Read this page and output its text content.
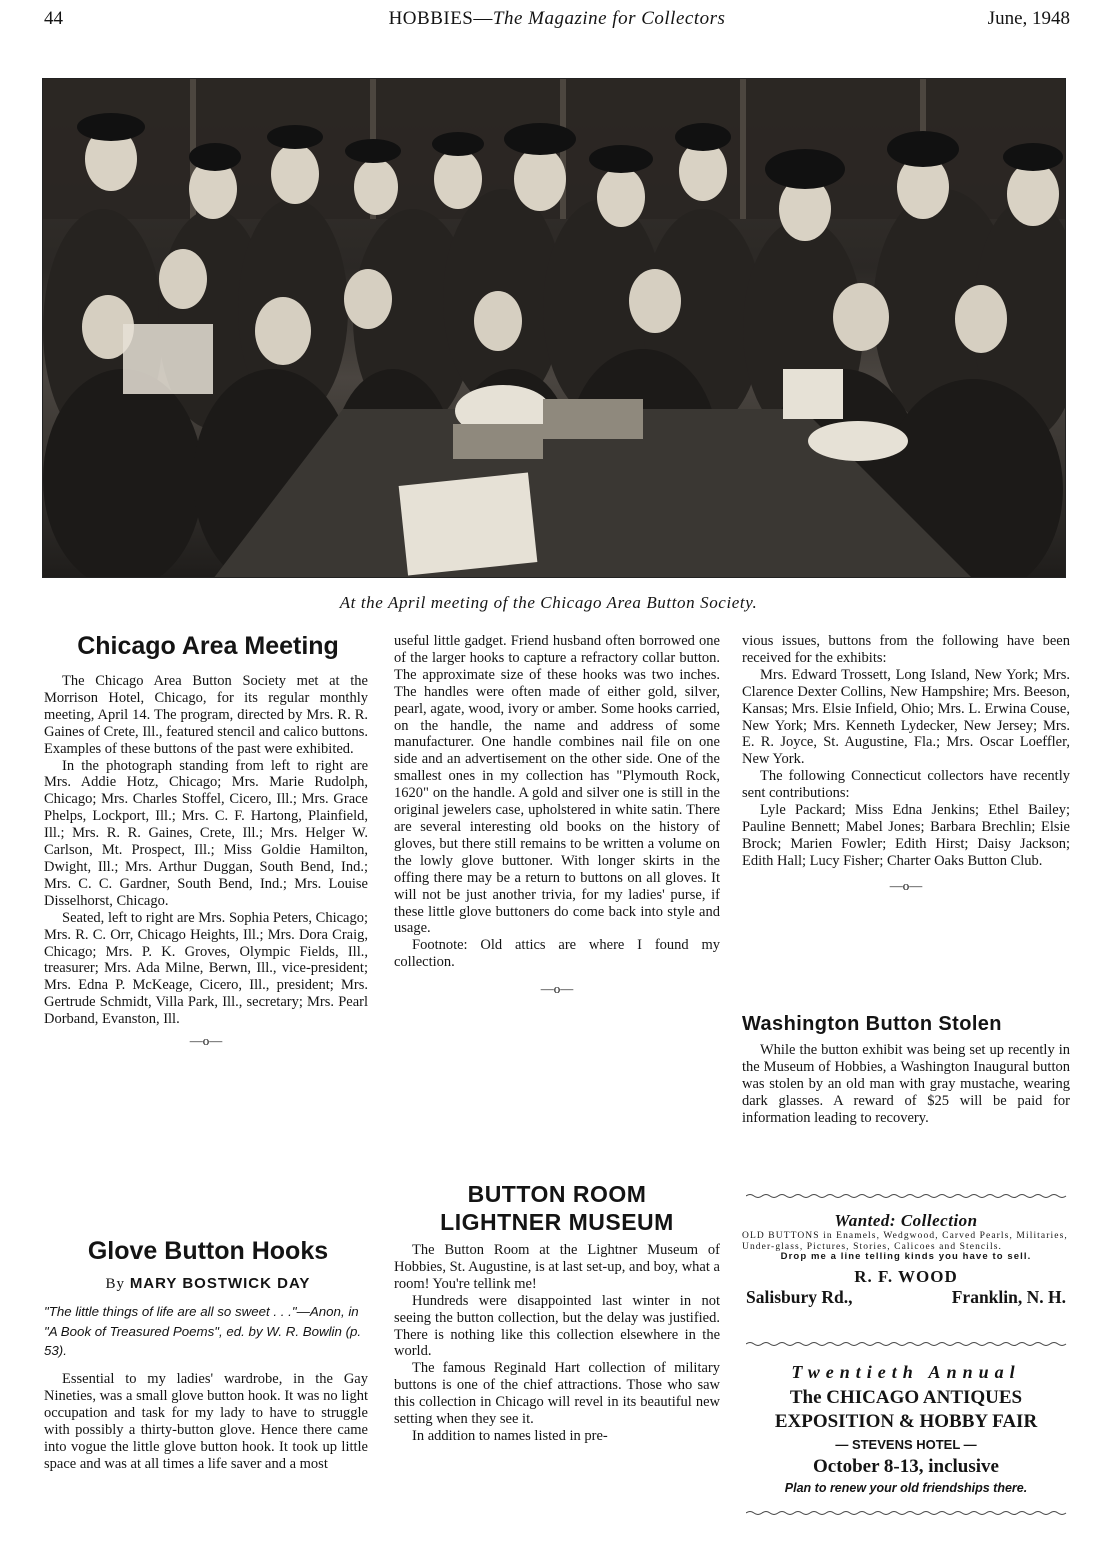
44	HOBBIES—The Magazine for Collectors	June, 1948
At the April meeting of the Chicago Area Button Society.
Chicago Area Meeting

The Chicago Area Button Society met at the Morrison Hotel, Chicago, for its regular monthly meeting, April 14. The program, directed by Mrs. R. R. Gaines of Crete, Ill., featured stencil and calico buttons. Examples of these buttons of the past were exhibited.

In the photograph standing from left to right are Mrs. Addie Hotz, Chicago; Mrs. Marie Rudolph, Chicago; Mrs. Charles Stoffel, Cicero, Ill.; Mrs. Grace Phelps, Lockport, Ill.; Mrs. C. F. Hartong, Plainfield, Ill.; Mrs. R. R. Gaines, Crete, Ill.; Mrs. Helger W. Carlson, Mt. Prospect, Ill.; Miss Goldie Hamilton, Dwight, Ill.; Mrs. Arthur Duggan, South Bend, Ind.; Mrs. C. C. Gardner, South Bend, Ind.; Mrs. Louise Disselhorst, Chicago.

Seated, left to right are Mrs. Sophia Peters, Chicago; Mrs. R. C. Orr, Chicago Heights, Ill.; Mrs. Dora Craig, Chicago; Mrs. P. K. Groves, Olympic Fields, Ill., treasurer; Mrs. Ada Milne, Berwn, Ill., vice-president; Mrs. Edna P. McKeage, Cicero, Ill., president; Mrs. Gertrude Schmidt, Villa Park, Ill., secretary; Mrs. Pearl Dorband, Evanston, Ill.

—o—
Glove Button Hooks
By MARY BOSTWICK DAY
"The little things of life are all so sweet . . ."—Anon, in "A Book of Treasured Poems", ed. by W. R. Bowlin (p. 53).

Essential to my ladies' wardrobe, in the Gay Nineties, was a small glove button hook. It was no light occupation and task for my lady to have to struggle with possibly a thirty-button glove. Hence there came into vogue the little glove button hook. It took up little space and was at all times a life saver and a most

useful little gadget. Friend husband often borrowed one of the larger hooks to capture a refractory collar button. The approximate size of these hooks was two inches. The handles were often made of either gold, silver, pearl, agate, wood, ivory or amber. Some hooks carried, on the handle, the name and address of some manufacturer. One handle combines nail file on one side and an advertisement on the other side. One of the smallest ones in my collection has "Plymouth Rock, 1620" on the handle. A gold and silver one is still in the original jewelers case, upholstered in white satin. There are several interesting old books on the history of gloves, but there still remains to be written a volume on the lowly glove buttoner. With longer skirts in the offing there may be a return to buttons on all gloves. It will not be just another trivia, for my ladies' purse, if these little glove buttoners do come back into style and usage.

Footnote: Old attics are where I found my collection.

—o—
BUTTON ROOM
LIGHTNER MUSEUM

The Button Room at the Lightner Museum of Hobbies, St. Augustine, is at last set-up, and boy, what a room! You're tellink me!

Hundreds were disappointed last winter in not seeing the button collection, but the delay was justified. There is nothing like this collection elsewhere in the world.

The famous Reginald Hart collection of military buttons is one of the chief attractions. Those who saw this collection in Chicago will revel in its beautiful new setting when they see it.

In addition to names listed in pre-

vious issues, buttons from the following have been received for the exhibits:

Mrs. Edward Trossett, Long Island, New York; Mrs. Clarence Dexter Collins, New Hampshire; Mrs. Beeson, Kansas; Mrs. Elsie Infield, Ohio; Mrs. L. Erwina Couse, New York; Mrs. Kenneth Lydecker, New Jersey; Mrs. E. R. Joyce, St. Augustine, Fla.; Mrs. Oscar Loeffler, New York.

The following Connecticut collectors have recently sent contributions:

Lyle Packard; Miss Edna Jenkins; Ethel Bailey; Pauline Bennett; Mabel Jones; Barbara Brechlin; Elsie Brock; Marien Fowler; Edith Hirst; Daisy Jackson; Edith Hall; Lucy Fisher; Charter Oaks Button Club.

—o—
Washington Button Stolen

While the button exhibit was being set up recently in the Museum of Hobbies, a Washington Inaugural button was stolen by an old man with gray mustache, wearing dark glasses. A reward of $25 will be paid for information leading to recovery.

Wanted: Collection
OLD BUTTONS in Enamels, Wedgwood, Carved Pearls, Militaries, Under-glass, Pictures, Stories, Calicoes and Stencils.
Drop me a line telling kinds you have to sell.
R. F. WOOD
Salisbury Rd.,	Franklin, N. H.
Twentieth Annual
The CHICAGO ANTIQUES
EXPOSITION & HOBBY FAIR
— STEVENS HOTEL —
October 8-13, inclusive
Plan to renew your old friendships there.
